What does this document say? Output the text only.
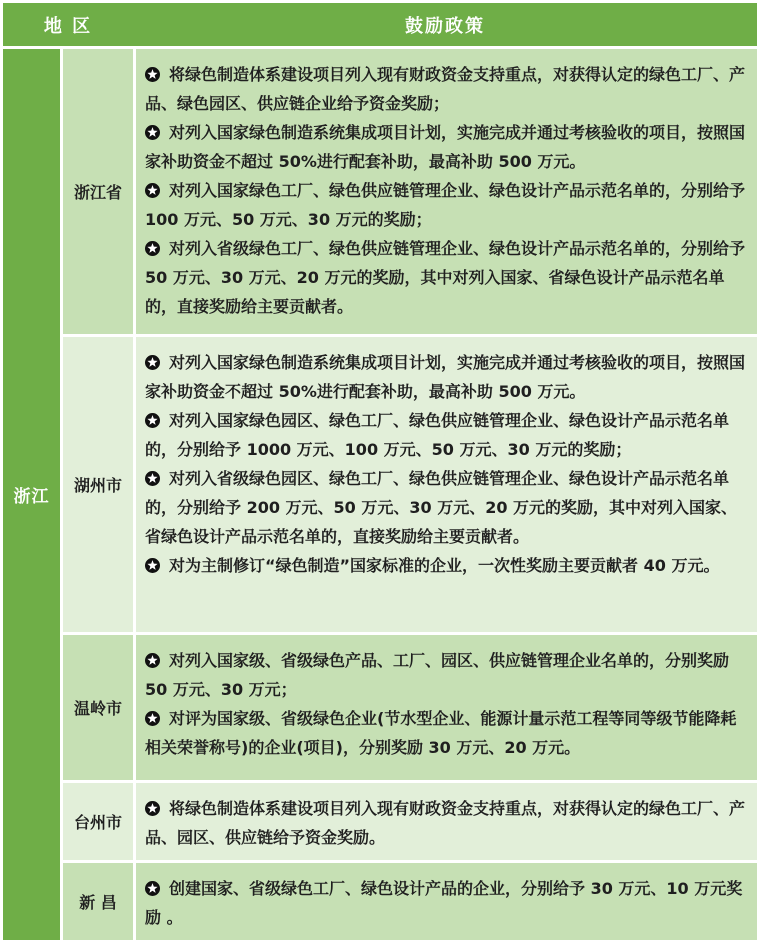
地 区	鼓励政策
浙江
浙江省

将绿色制造体系建设项目列入现有财政资金支持重点，对获得认定的绿色工厂、产品、绿色园区、供应链企业给予资金奖励；

对列入国家绿色制造系统集成项目计划，实施完成并通过考核验收的项目，按照国家补助资金不超过 50%进行配套补助，最高补助 500 万元。

对列入国家绿色工厂、绿色供应链管理企业、绿色设计产品示范名单的，分别给予 100 万元、50 万元、30 万元的奖励；

对列入省级绿色工厂、绿色供应链管理企业、绿色设计产品示范名单的，分别给予 50 万元、30 万元、20 万元的奖励，其中对列入国家、省绿色设计产品示范名单的，直接奖励给主要贡献者。

湖州市

对列入国家绿色制造系统集成项目计划，实施完成并通过考核验收的项目，按照国家补助资金不超过 50%进行配套补助，最高补助 500 万元。

对列入国家绿色园区、绿色工厂、绿色供应链管理企业、绿色设计产品示范名单的，分别给予 1000 万元、100 万元、50 万元、30 万元的奖励；

对列入省级绿色园区、绿色工厂、绿色供应链管理企业、绿色设计产品示范名单的，分别给予 200 万元、50 万元、30 万元、20 万元的奖励，其中对列入国家、省绿色设计产品示范名单的，直接奖励给主要贡献者。

对为主制修订“绿色制造”国家标准的企业，一次性奖励主要贡献者 40 万元。

温岭市

对列入国家级、省级绿色产品、工厂、园区、供应链管理企业名单的，分别奖励 50 万元、30 万元；

对评为国家级、省级绿色企业(节水型企业、能源计量示范工程等同等级节能降耗相关荣誉称号)的企业(项目)，分别奖励 30 万元、20 万元。

台州市

将绿色制造体系建设项目列入现有财政资金支持重点，对获得认定的绿色工厂、产品、园区、供应链给予资金奖励。

新 昌

创建国家、省级绿色工厂、绿色设计产品的企业，分别给予 30 万元、10 万元奖励 。
